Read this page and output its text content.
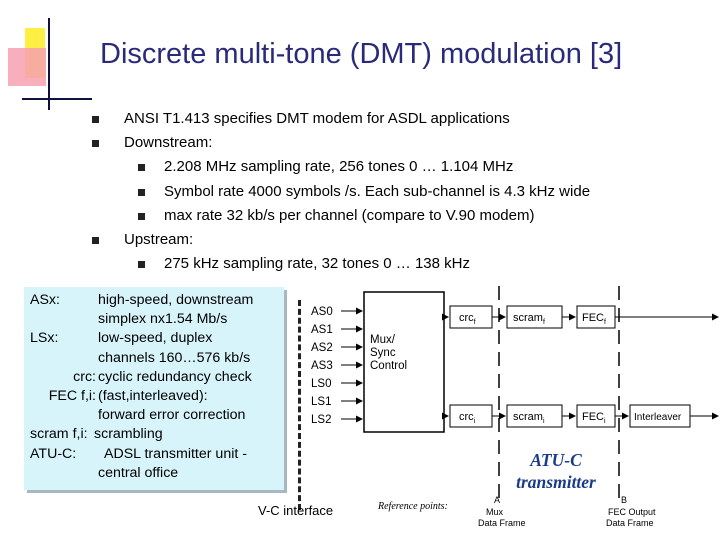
Discrete multi-tone (DMT) modulation [3]
ANSI T1.413 specifies DMT modem for ASDL applications
Downstream:
2.208 MHz sampling rate, 256 tones 0 … 1.104 MHz
Symbol rate 4000 symbols /s. Each sub-channel is 4.3 kHz wide
max rate 32 kb/s per channel (compare to V.90 modem)
Upstream:
275 kHz sampling rate, 32 tones 0 … 138 kHz
ASx:	high-speed, downstream
simplex nx1.54 Mb/s
LSx:	low-speed, duplex
channels 160…576 kb/s
crc: cyclic redundancy check
FEC f,i: (fast,interleaved):
forward error correction
scram f,i: scrambling
ATU-C: ADSL transmitter unit -
central office
AS0
AS1
AS2
AS3
LS0
LS1
LS2
Mux/
Sync
Control
crc$_f$	scram$_f$	$FEC_f$
crc$_i$	scram$_i$	$FEC_i$	Interleaver
ATU-C
transmitter
V-C interface	Reference points:
A	B
Mux
Data Frame
FEC Output
Data Frame
